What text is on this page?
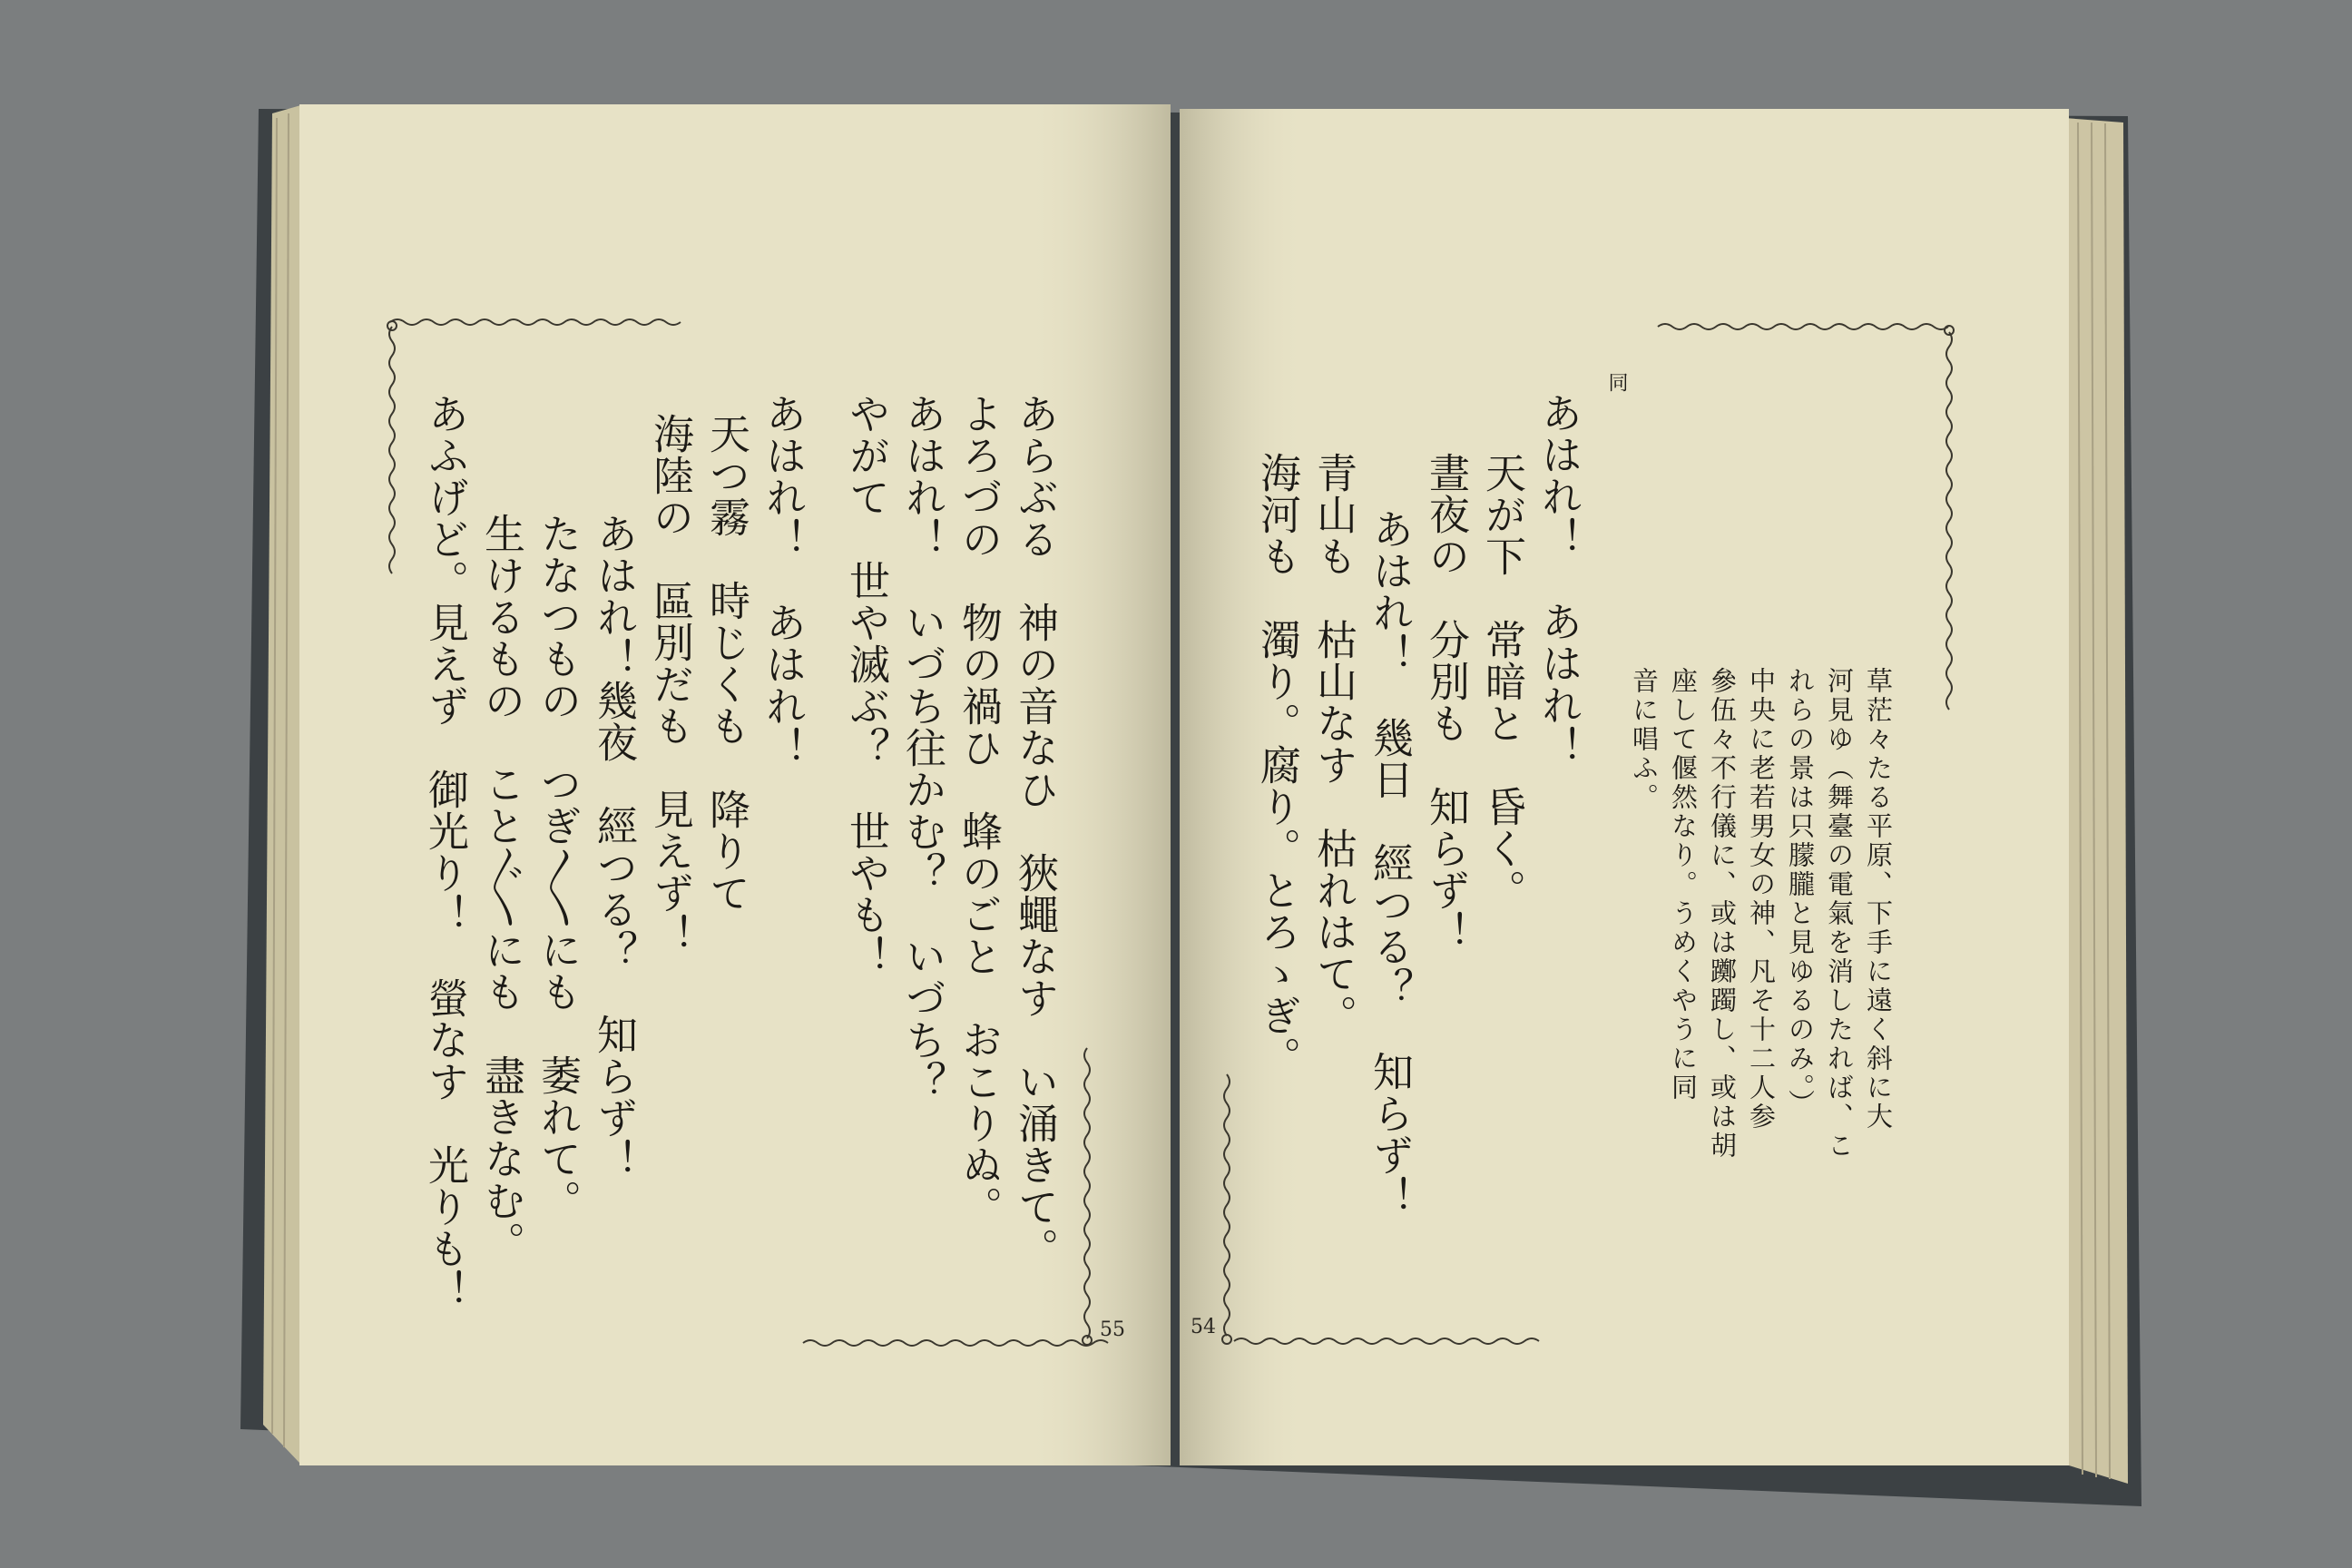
あらぶる　神の音なひ　狹蠅なす　い涌きて。
よろづの　物の禍ひ　蜂のごと　おこりぬ。
あはれ！　いづち往かむ？　いづち？
やがて　世や滅ぶ？　世やも！
あはれ！　あはれ！
天つ霧　時じくも　降りて
海陸の　區別だも　見えず！
あはれ！幾夜　經つる？　知らず！
たなつもの　つぎ〳〵にも　萎れて。
生けるもの　こと〴〵にも　盡きなむ。
あふげど。見えず　御光り！　螢なす　光りも！
55
同
草茫々たる平原、下手に遠く斜に大
河見ゆ（舞臺の電氣を消したれば、こ
れらの景は只朦朧と見ゆるのみ。）
中央に老若男女の神、凡そ十二人参
參伍々不行儀に、或は躑躅し、或は胡
座して偃然なり。うめくやうに同
音に唱ふ。
あはれ！　あはれ！
天が下　常暗と　昏く。
晝夜の　分別も　知らず！
あはれ！　幾日　經つる？　知らず！
青山も　枯山なす　枯れはて。
海河も　濁り。腐り。とろゝぎ。
54
